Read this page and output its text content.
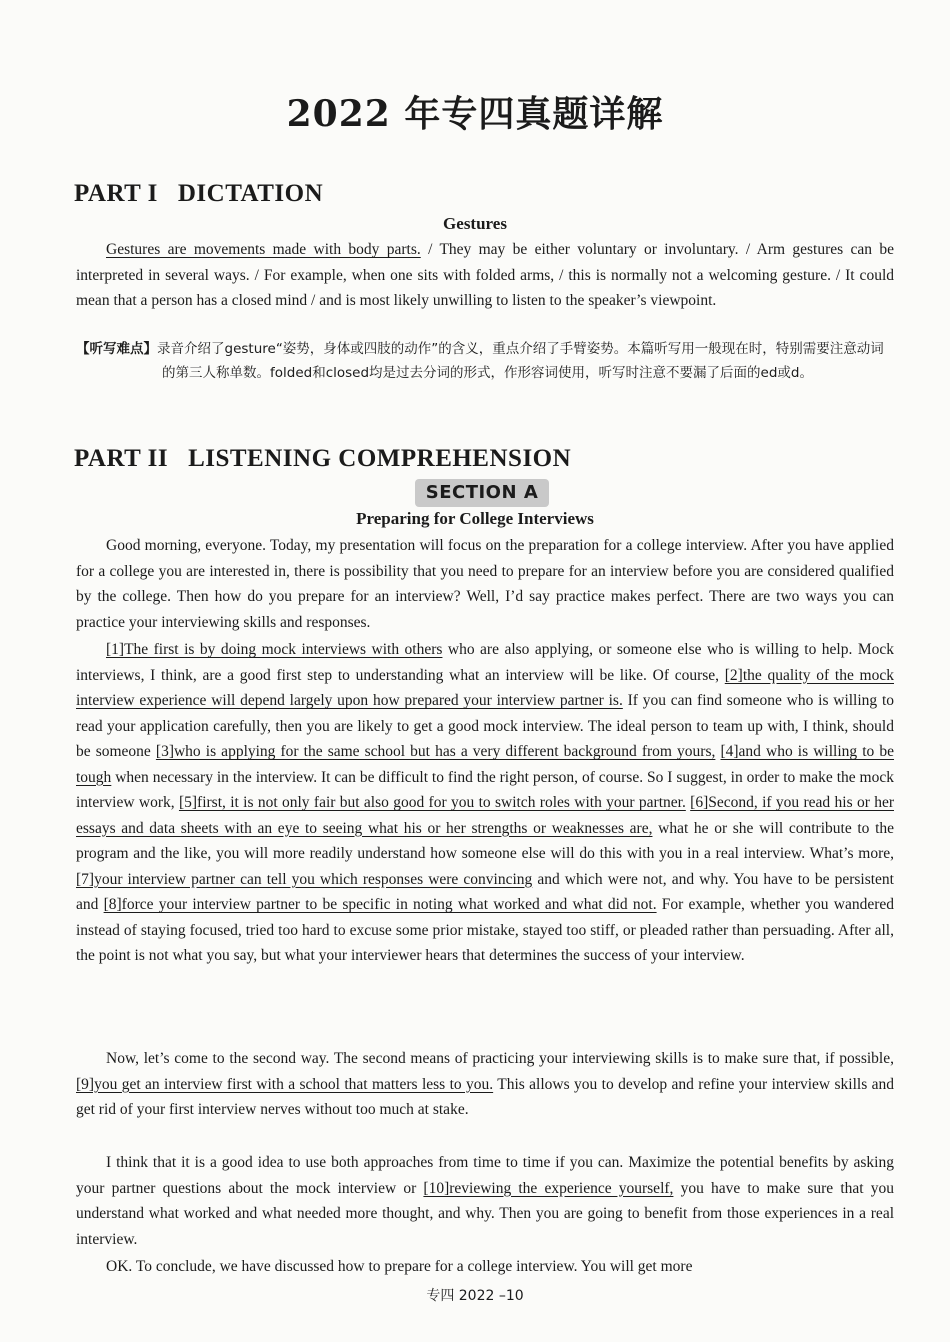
2022 年专四真题详解
PART I DICTATION
Gestures
Gestures are movements made with body parts. / They may be either voluntary or involuntary. / Arm gestures can be interpreted in several ways. / For example, when one sits with folded arms, / this is normally not a welcoming gesture. / It could mean that a person has a closed mind / and is most likely unwilling to listen to the speaker’s viewpoint.
【听写难点】录音介绍了gesture“姿势，身体或四肢的动作”的含义，重点介绍了手臂姿势。本篇听写用一般现在时，特别需要注意动词的第三人称单数。folded和closed均是过去分词的形式，作形容词使用，听写时注意不要漏了后面的ed或d。
PART II LISTENING COMPREHENSION
SECTION A
Preparing for College Interviews
Good morning, everyone. Today, my presentation will focus on the preparation for a college interview. After you have applied for a college you are interested in, there is possibility that you need to prepare for an interview before you are considered qualified by the college. Then how do you prepare for an interview? Well, I’d say practice makes perfect. There are two ways you can practice your interviewing skills and responses.
[1]The first is by doing mock interviews with others who are also applying, or someone else who is willing to help. Mock interviews, I think, are a good first step to understanding what an interview will be like. Of course, [2]the quality of the mock interview experience will depend largely upon how prepared your interview partner is. If you can find someone who is willing to read your application carefully, then you are likely to get a good mock interview. The ideal person to team up with, I think, should be someone [3]who is applying for the same school but has a very different background from yours, [4]and who is willing to be tough when necessary in the interview. It can be difficult to find the right person, of course. So I suggest, in order to make the mock interview work, [5]first, it is not only fair but also good for you to switch roles with your partner. [6]Second, if you read his or her essays and data sheets with an eye to seeing what his or her strengths or weaknesses are, what he or she will contribute to the program and the like, you will more readily understand how someone else will do this with you in a real interview. What’s more, [7]your interview partner can tell you which responses were convincing and which were not, and why. You have to be persistent and [8]force your interview partner to be specific in noting what worked and what did not. For example, whether you wandered instead of staying focused, tried too hard to excuse some prior mistake, stayed too stiff, or pleaded rather than persuading. After all, the point is not what you say, but what your interviewer hears that determines the success of your interview.
Now, let’s come to the second way. The second means of practicing your interviewing skills is to make sure that, if possible, [9]you get an interview first with a school that matters less to you. This allows you to develop and refine your interview skills and get rid of your first interview nerves without too much at stake.
I think that it is a good idea to use both approaches from time to time if you can. Maximize the potential benefits by asking your partner questions about the mock interview or [10]reviewing the experience yourself, you have to make sure that you understand what worked and what needed more thought, and why. Then you are going to benefit from those experiences in a real interview.
OK. To conclude, we have discussed how to prepare for a college interview. You will get more
专四 2022 –10
